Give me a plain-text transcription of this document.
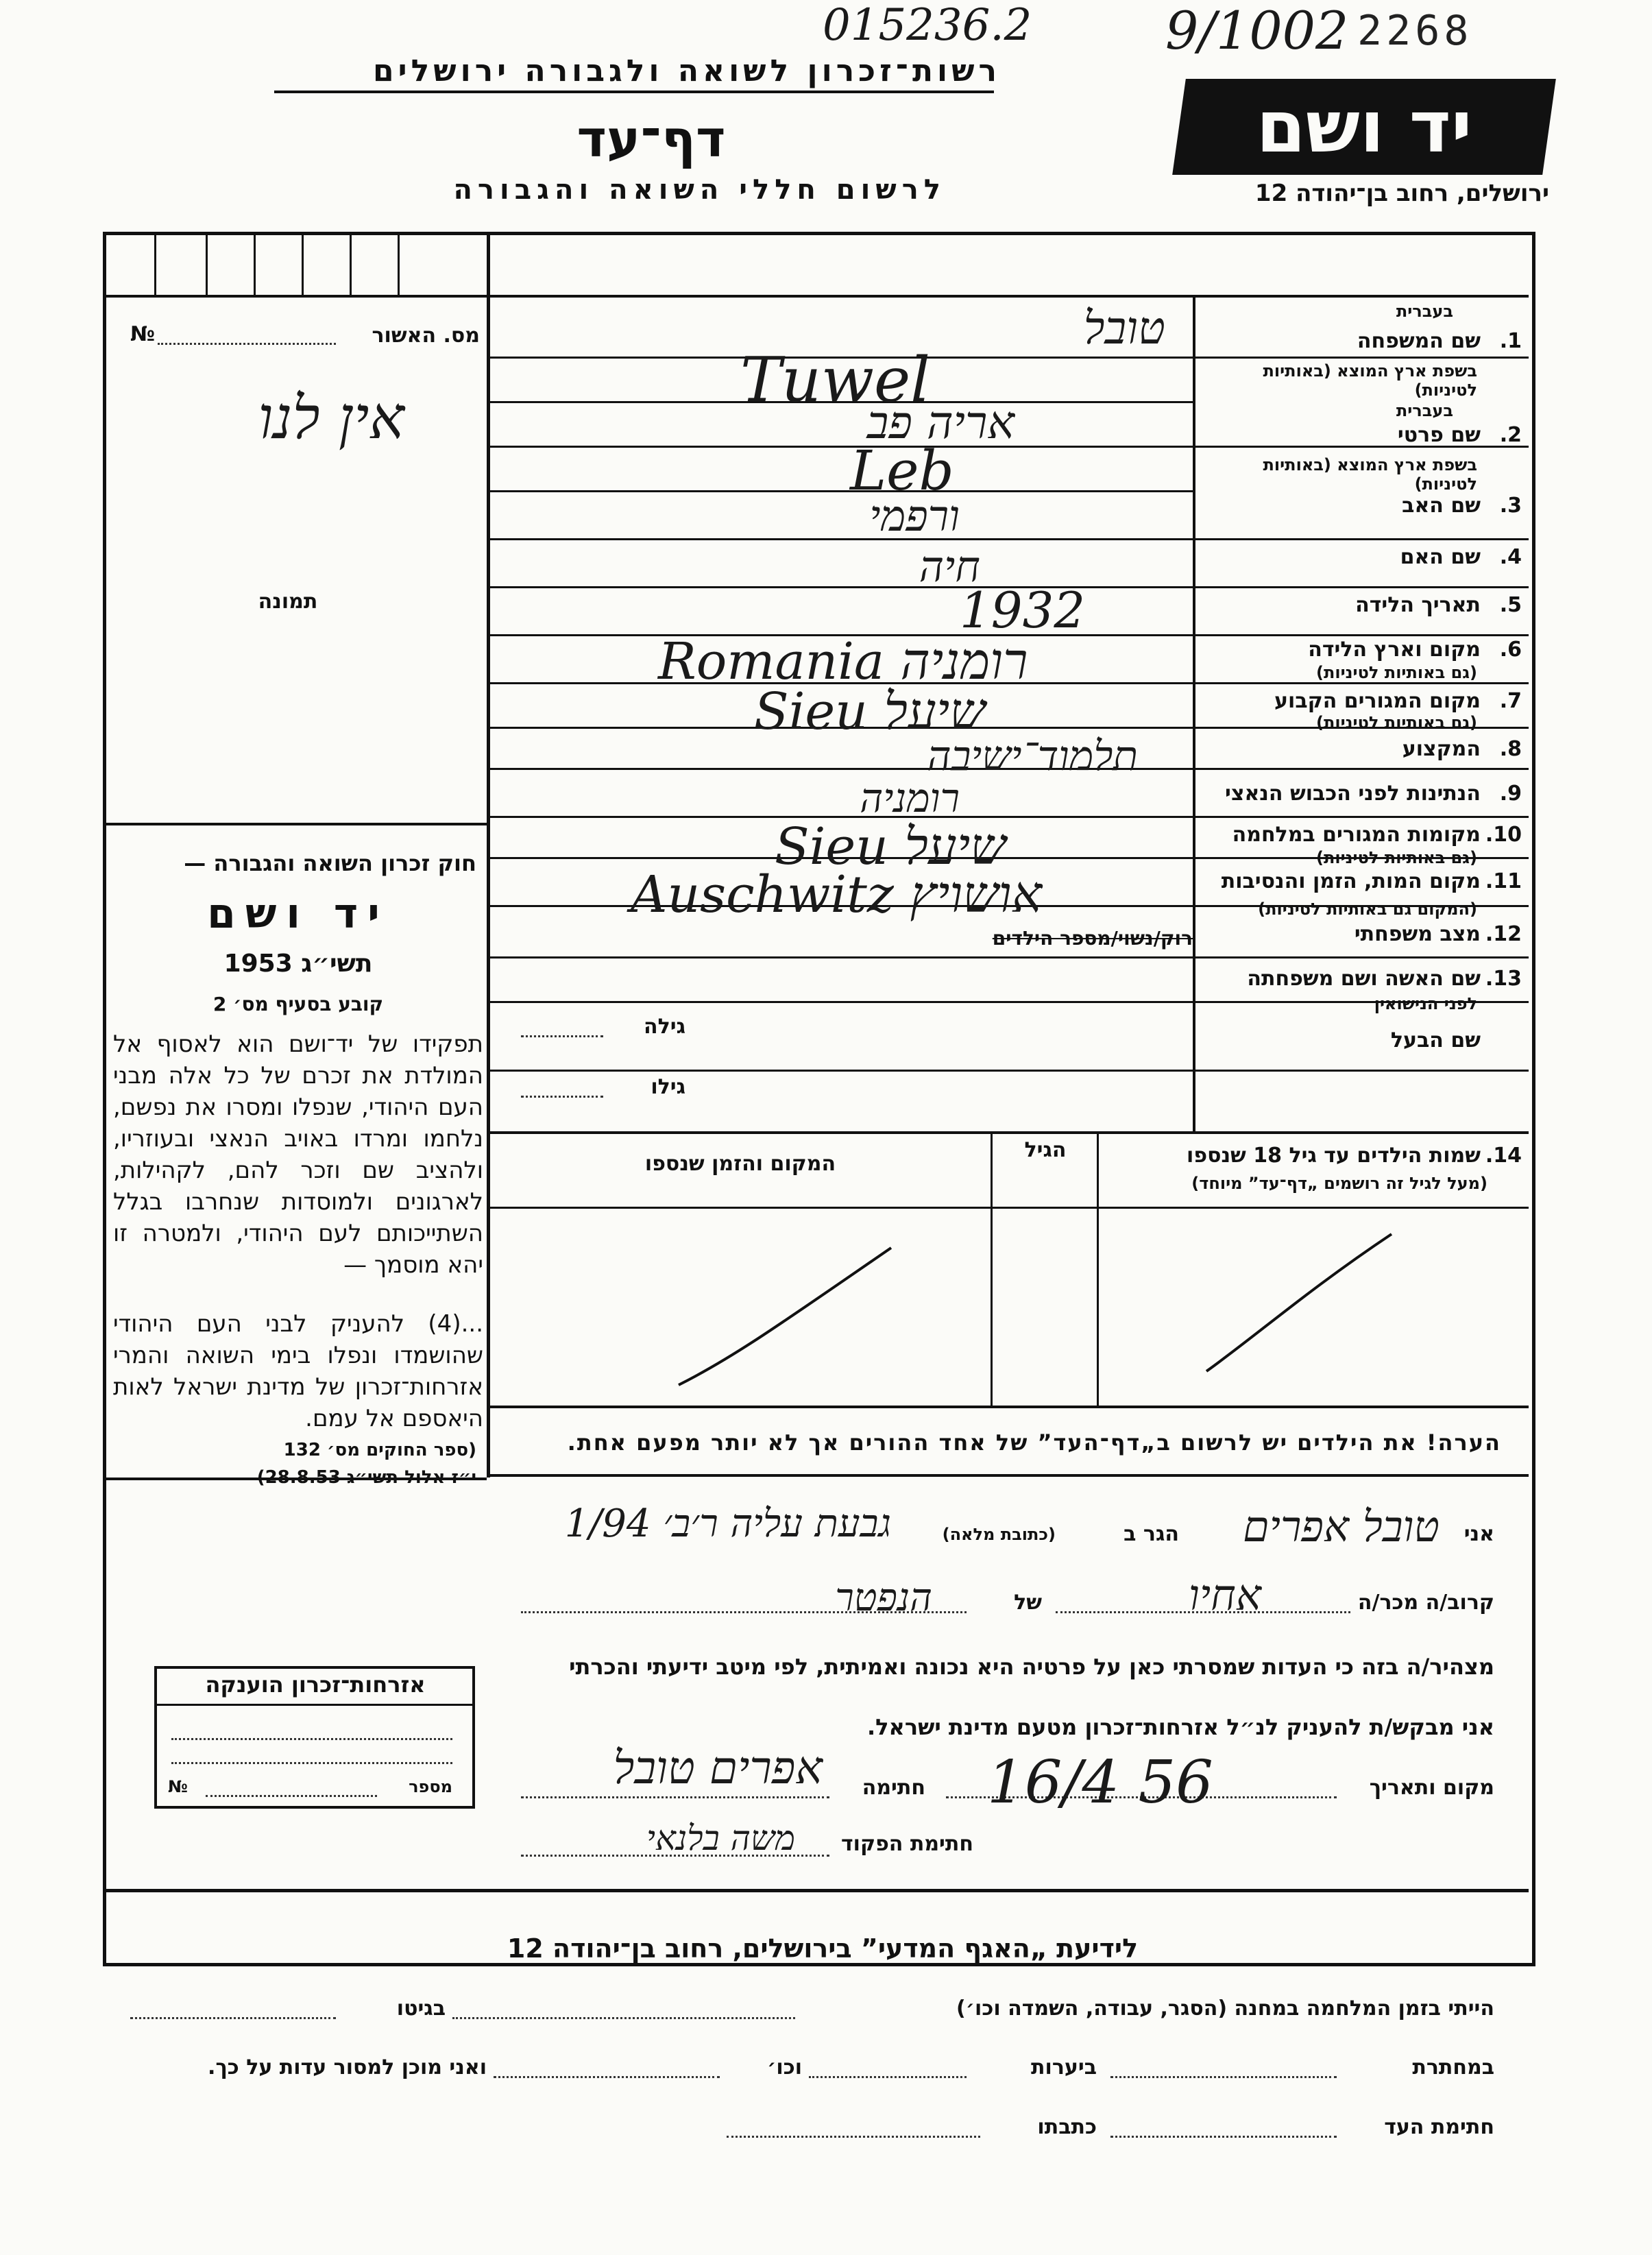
015236.2	9/1002 2268
רשות־זכרון לשואה ולגבורה ירושלים
דף־עד
לרשום חללי השואה והגבורה
יד ושם
ירושלים, רחוב בן־יהודה 12
מס. האשור
№
אין לנו
תמונה
חוק זכרון השואה והגבורה —
יד ושם
תשי״ג 1953
קובע בסעיף מס׳ 2
תפקידו של יד־ושם הוא לאסוף אל המולדת את זכרם של כל אלה מבני העם היהודי, שנפלו ומסרו את נפשם, נלחמו ומרדו באויב הנאצי ובעוזריו, ולהציב שם וזכר להם, לקהילות, לארגונים ולמוסדות שנחרבו בגלל השתייכותם לעם היהודי, ולמטרה זו יהא מוסמך —
...(4) להעניק לבני העם היהודי שהושמדו ונפלו בימי השואה והמרי אזרחות־זכרון של מדינת ישראל לאות היאספם אל עמם.
(ספר החוקים מס׳ 132
י״ז אלול תשי״ג 28.8.53)
1.
שם המשפחה
בעברית
בשפת ארץ המוצא (באותיות לטיניות)
2.
שם פרטי
בעברית
בשפת ארץ המוצא (באותיות לטיניות)
3.
שם האב
4.
שם האם
5.
תאריך הלידה
6.
מקום וארץ הלידה
(גם באותיות לטיניות)
7.
מקום המגורים הקבוע
(גם באותיות לטיניות)
8.
המקצוע
9.
הנתינות לפני הכבוש הנאצי
10.
מקומות המגורים במלחמה
(גם באותיות לטיניות)
11.
מקום המות, הזמן והנסיבות
(המקום גם באותיות לטיניות)
12.
מצב משפחתי
13.
שם האשה ושם משפחתה
לפני הנישואין
שם הבעל
טובל
Tuwel
אריה פב
Leb
ורפמי
חיה
1932
Romania רומניה
Sieu שיעל
תלמוד־ישיבה
רומניה
Sieu שיעל
Auschwitz אושויץ
רוק/נשוי/מספר הילדים
גילה
גילו
14.
שמות הילדים עד גיל 18 שנספו
(מעל לגיל זה רושמים „דף־עד” מיוחד)
הגיל
המקום והזמן שנספו
הערה! את הילדים יש לרשום ב„דף־העד” של אחד ההורים אך לא יותר מפעם אחת.
אני
טובל אפרים
הגר ב
(כתובת מלאה)
גבעת עליה ר׳ב׳ 1/94
קרוב/ה מכר/ה
אחיו
של
הנפטר
מצהיר/ה בזה כי העדות שמסרתי כאן על פרטיה היא נכונה ואמיתית, לפי מיטב ידיעתי והכרתי
אני מבקש/ת להעניק לנ״ל אזרחות־זכרון מטעם מדינת ישראל.
מקום ותאריך
16/4 56
חתימה
אפרים טובל
חתימת הפקוד
משה בלנאי
אזרחות־זכרון הוענקה
מספר
№
לידיעת „האגף המדעי” בירושלים, רחוב בן־יהודה 12
הייתי בזמן המלחמה במחנה (הסגר, עבודה, השמדה וכו׳)
בגיטו
במחתרת
ביערות
וכו׳
ואני מוכן למסור עדות על כך.
חתימת העד
כתבתו
